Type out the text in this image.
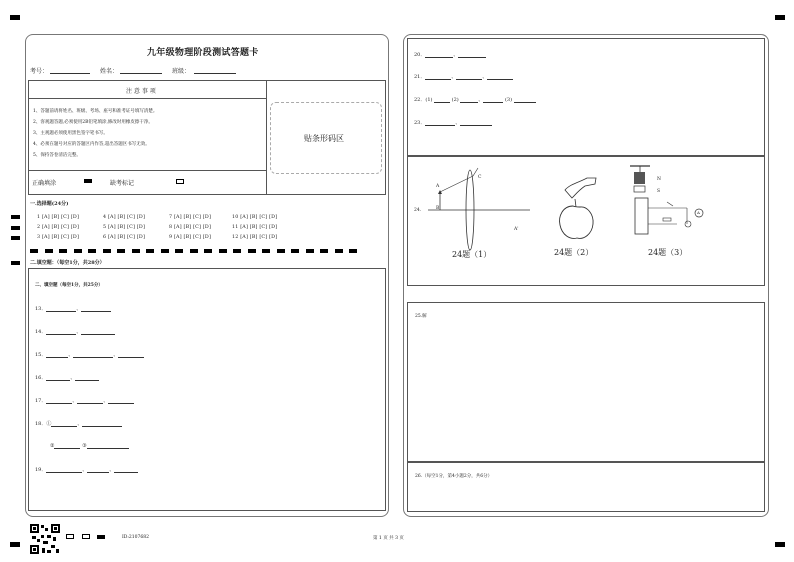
九年级物理阶段测试答题卡
考号：	姓名：	班级：
注 意 事 项
1、答题前请将姓名、班级、考场、座号和准考证号填写清楚。
2、客观题答题,必须使用2B铅笔填涂,修改时用橡皮擦干净。
3、主观题必须使用黑色签字笔书写。
4、必须在题号对应的答题区内作答,超出答题区书写无效。
5、保持答卷清洁完整。
正确填涂	缺考标记
贴条形码区
一.选择题(24分)
1 [A] [B] [C] [D]	4 [A] [B] [C] [D]	7 [A] [B] [C] [D]	10 [A] [B] [C] [D]
2 [A] [B] [C] [D]	5 [A] [B] [C] [D]	8 [A] [B] [C] [D]	11 [A] [B] [C] [D]
3 [A] [B] [C] [D]	6 [A] [B] [C] [D]	9 [A] [B] [C] [D]	12 [A] [B] [C] [D]
二.填空题：（每空1分，共28分）
二、填空题（每空1分，共25分）
13．	、
14．	、
15．	、	、
16．	、
17．	、	、
18．①	、
②	③
19．	、	、
20．	、
21．	、	、
22．(1)	(2)	、	(3)
23．	、
24.
A
B
C
A'
N
S
A
24题（1）	24题（2）	24题（3）
25.解
26.（每空1分，第4小题2分，共6分）
ID:2107682	第 1 页 共 3 页
